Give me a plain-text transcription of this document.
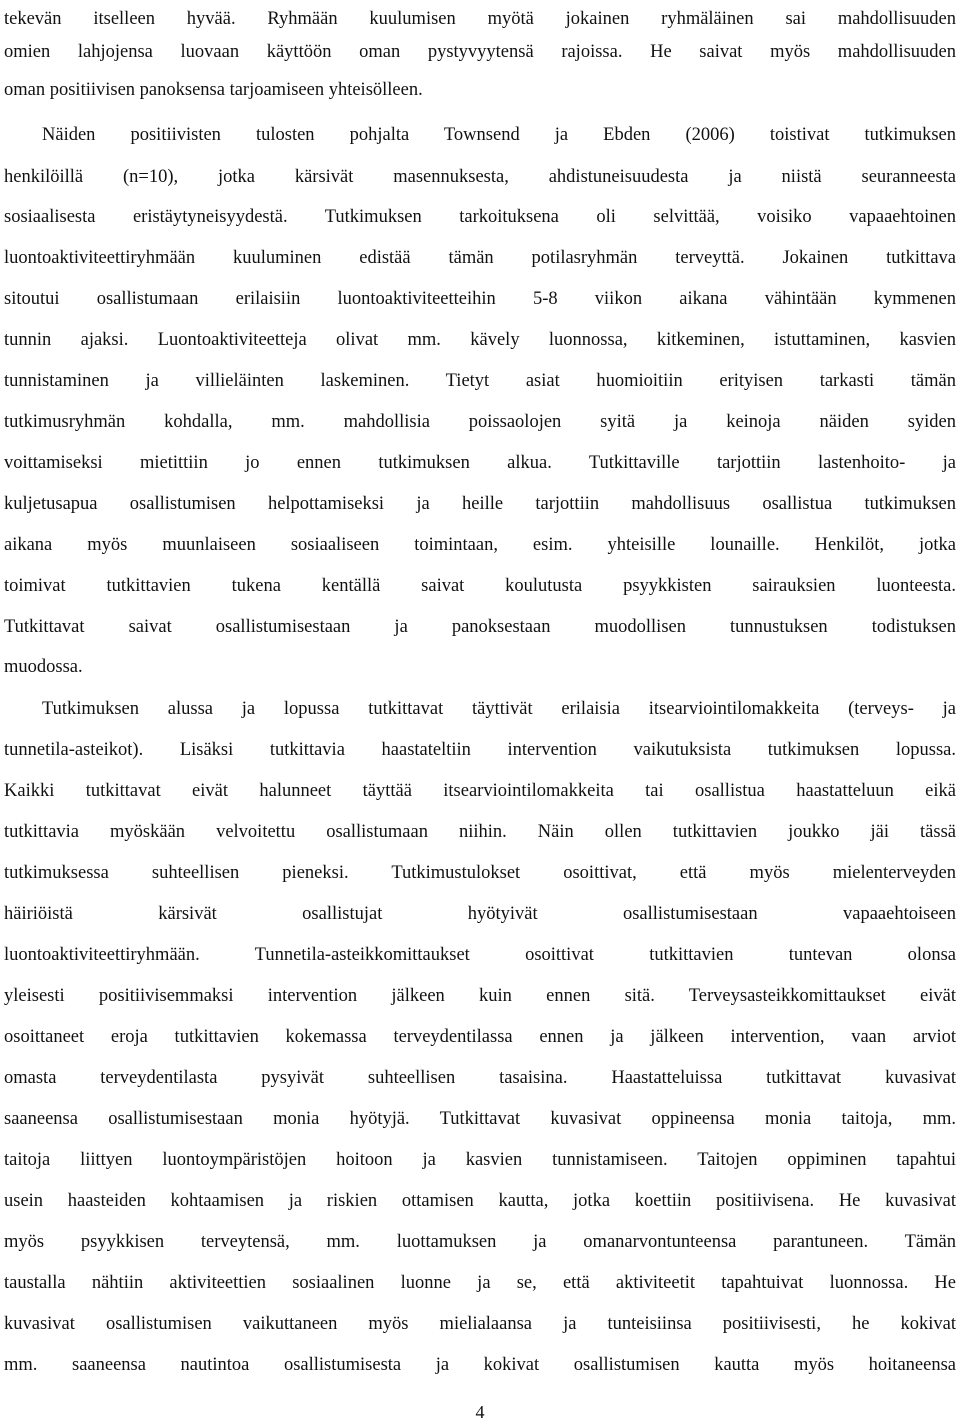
tekevän itselleen hyvää. Ryhmään kuulumisen myötä jokainen ryhmäläinen sai mahdollisuuden
omien lahjojensa luovaan käyttöön oman pystyvyytensä rajoissa. He saivat myös mahdollisuuden
oman positiivisen panoksensa tarjoamiseen yhteisölleen.
Näiden positiivisten tulosten pohjalta Townsend ja Ebden (2006) toistivat tutkimuksen
henkilöillä (n=10), jotka kärsivät masennuksesta, ahdistuneisuudesta ja niistä seuranneesta
sosiaalisesta eristäytyneisyydestä. Tutkimuksen tarkoituksena oli selvittää, voisiko vapaaehtoinen
luontoaktiviteettiryhmään kuuluminen edistää tämän potilasryhmän terveyttä. Jokainen tutkittava
sitoutui osallistumaan erilaisiin luontoaktiviteetteihin 5-8 viikon aikana vähintään kymmenen
tunnin ajaksi. Luontoaktiviteetteja olivat mm. kävely luonnossa, kitkeminen, istuttaminen, kasvien
tunnistaminen ja villieläinten laskeminen. Tietyt asiat huomioitiin erityisen tarkasti tämän
tutkimusryhmän kohdalla, mm. mahdollisia poissaolojen syitä ja keinoja näiden syiden
voittamiseksi mietittiin jo ennen tutkimuksen alkua. Tutkittaville tarjottiin lastenhoito- ja
kuljetusapua osallistumisen helpottamiseksi ja heille tarjottiin mahdollisuus osallistua tutkimuksen
aikana myös muunlaiseen sosiaaliseen toimintaan, esim. yhteisille lounaille. Henkilöt, jotka
toimivat tutkittavien tukena kentällä saivat koulutusta psyykkisten sairauksien luonteesta.
Tutkittavat saivat osallistumisestaan ja panoksestaan muodollisen tunnustuksen todistuksen
muodossa.
Tutkimuksen alussa ja lopussa tutkittavat täyttivät erilaisia itsearviointilomakkeita (terveys- ja
tunnetila-asteikot). Lisäksi tutkittavia haastateltiin intervention vaikutuksista tutkimuksen lopussa.
Kaikki tutkittavat eivät halunneet täyttää itsearviointilomakkeita tai osallistua haastatteluun eikä
tutkittavia myöskään velvoitettu osallistumaan niihin. Näin ollen tutkittavien joukko jäi tässä
tutkimuksessa suhteellisen pieneksi. Tutkimustulokset osoittivat, että myös mielenterveyden
häiriöistä kärsivät osallistujat hyötyivät osallistumisestaan vapaaehtoiseen
luontoaktiviteettiryhmään. Tunnetila-asteikkomittaukset osoittivat tutkittavien tuntevan olonsa
yleisesti positiivisemmaksi intervention jälkeen kuin ennen sitä. Terveysasteikkomittaukset eivät
osoittaneet eroja tutkittavien kokemassa terveydentilassa ennen ja jälkeen intervention, vaan arviot
omasta terveydentilasta pysyivät suhteellisen tasaisina. Haastatteluissa tutkittavat kuvasivat
saaneensa osallistumisestaan monia hyötyjä. Tutkittavat kuvasivat oppineensa monia taitoja, mm.
taitoja liittyen luontoympäristöjen hoitoon ja kasvien tunnistamiseen. Taitojen oppiminen tapahtui
usein haasteiden kohtaamisen ja riskien ottamisen kautta, jotka koettiin positiivisena. He kuvasivat
myös psyykkisen terveytensä, mm. luottamuksen ja omanarvontunteensa parantuneen. Tämän
taustalla nähtiin aktiviteettien sosiaalinen luonne ja se, että aktiviteetit tapahtuivat luonnossa. He
kuvasivat osallistumisen vaikuttaneen myös mielialaansa ja tunteisiinsa positiivisesti, he kokivat
mm. saaneensa nautintoa osallistumisesta ja kokivat osallistumisen kautta myös hoitaneensa
4
